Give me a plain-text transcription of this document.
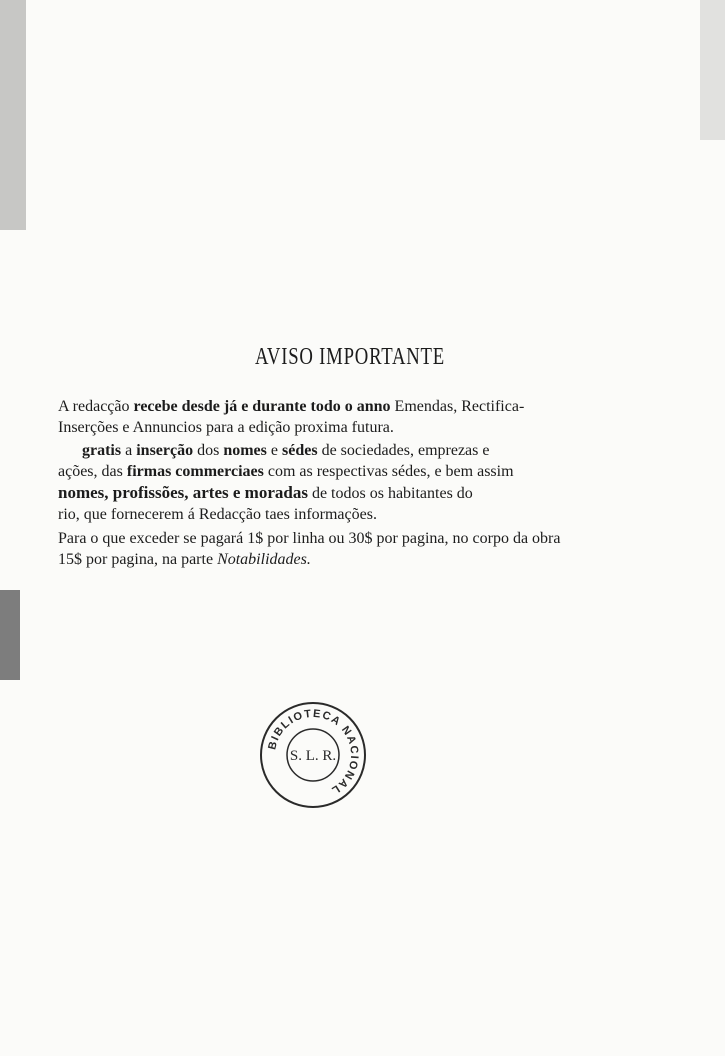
AVISO IMPORTANTE
A redacção recebe desde já e durante todo o anno Emendas, Rectifica-
Inserções e Annuncios para a edição proxima futura.
gratis a inserção dos nomes e sédes de sociedades, emprezas e
ações, das firmas commerciaes com as respectivas sédes, e bem assim
nomes, profissões, artes e moradas de todos os habitantes do
rio, que fornecerem á Redacção taes informações.
Para o que exceder se pagará 1$ por linha ou 30$ por pagina, no corpo da obra
15$ por pagina, na parte Notabilidades.
BIBLIOTECA NACIONAL
S. L. R.
